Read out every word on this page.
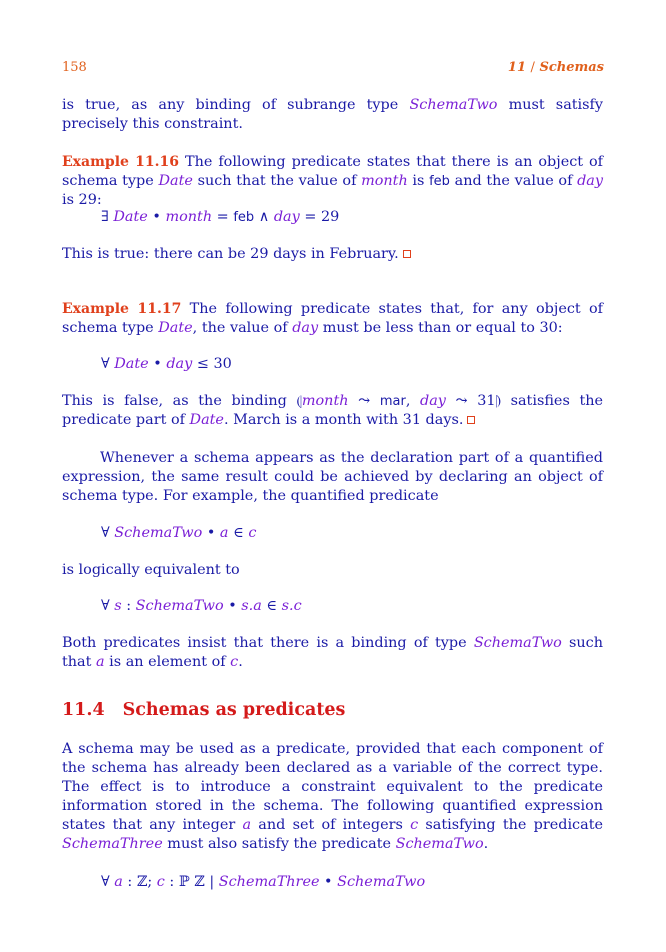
158	11 / Schemas
is true, as any binding of subrange type SchemaTwo must satisfy precisely this constraint.
Example 11.16 The following predicate states that there is an object of schema type Date such that the value of month is feb and the value of day is 29:
∃ Date • month = feb ∧ day = 29
This is true: there can be 29 days in February.
Example 11.17 The following predicate states that, for any object of schema type Date, the value of day must be less than or equal to 30:
∀ Date • day ≤ 30
This is false, as the binding ⦇month ⤳ mar, day ⤳ 31⦈ satisfies the predicate part of Date. March is a month with 31 days.
Whenever a schema appears as the declaration part of a quantified expression, the same result could be achieved by declaring an object of schema type. For example, the quantified predicate
∀ SchemaTwo • a ∈ c
is logically equivalent to
∀ s : SchemaTwo • s.a ∈ s.c
Both predicates insist that there is a binding of type SchemaTwo such that a is an element of c.
11.4 Schemas as predicates
A schema may be used as a predicate, provided that each component of the schema has already been declared as a variable of the correct type. The effect is to introduce a constraint equivalent to the predicate information stored in the schema. The following quantified expression states that any integer a and set of integers c satisfying the predicate SchemaThree must also satisfy the predicate SchemaTwo.
∀ a : ℤ; c : ℙ ℤ | SchemaThree • SchemaTwo
